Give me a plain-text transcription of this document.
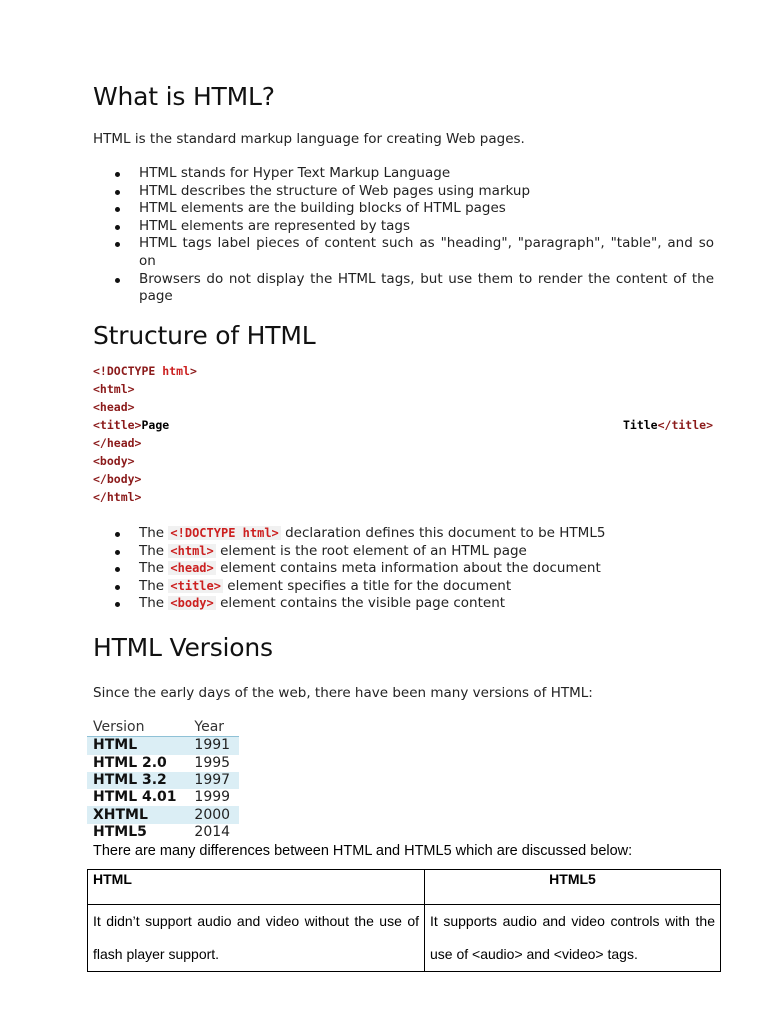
What is HTML?

HTML is the standard markup language for creating Web pages.

HTML stands for Hyper Text Markup Language
HTML describes the structure of Web pages using markup
HTML elements are the building blocks of HTML pages
HTML elements are represented by tags
HTML tags label pieces of content such as "heading", "paragraph", "table", and so on
Browsers do not display the HTML tags, but use them to render the content of the page
Structure of HTML
<!DOCTYPE html>
<html>
<head>
<title>Page	Title</title>
</head>
<body>
</body>
</html>
The <!DOCTYPE html> declaration defines this document to be HTML5
The <html> element is the root element of an HTML page
The <head> element contains meta information about the document
The <title> element specifies a title for the document
The <body> element contains the visible page content
HTML Versions

Since the early days of the web, there have been many versions of HTML:

Version	Year
HTML	1991
HTML 2.0	1995
HTML 3.2	1997
HTML 4.01	1999
XHTML	2000
HTML5	2014

There are many differences between HTML and HTML5 which are discussed below:

HTML	HTML5
It didn’t support audio and video without the use of flash player support.	It supports audio and video controls with the use of <audio> and <video> tags.
